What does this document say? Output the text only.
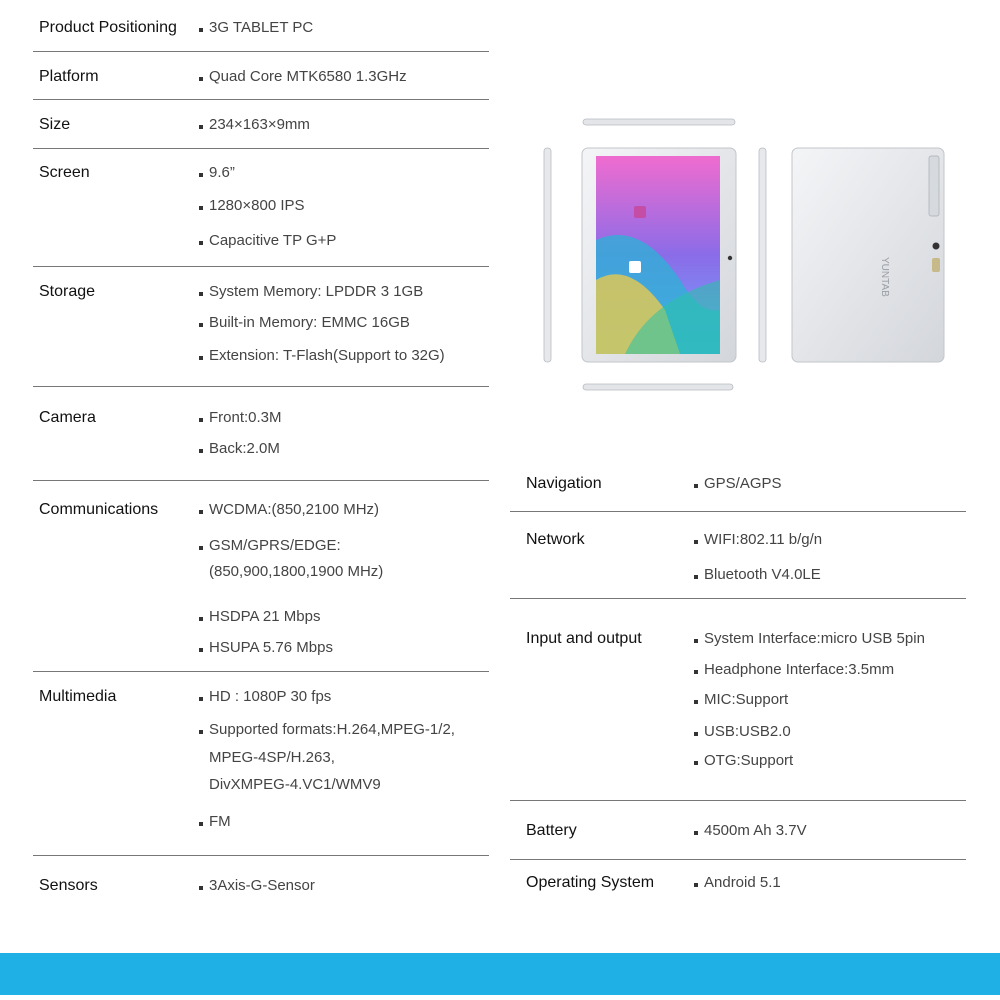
Product Positioning 3G TABLET PC
Platform	Quad Core MTK6580 1.3GHz
Size	234×163×9mm
Screen	9.6”
1280×800 IPS
Capacitive TP G+P
Storage	System Memory: LPDDR 3 1GB
Built-in Memory: EMMC 16GB
Extension: T-Flash(Support to 32G)
Camera	Front:0.3M
Back:2.0M
Communications	WCDMA:(850,2100 MHz)
GSM/GPRS/EDGE:
(850,900,1800,1900 MHz)
HSDPA 21 Mbps
HSUPA 5.76 Mbps
Multimedia	HD : 1080P 30 fps
Supported formats:H.264,MPEG-1/2,
MPEG-4SP/H.263,
DivXMPEG-4.VC1/WMV9
FM
Sensors	3Axis-G-Sensor
YUNTAB
Navigation	GPS/AGPS
Network	WIFI:802.11 b/g/n
Bluetooth V4.0LE
Input and output	System Interface:micro USB 5pin
Headphone Interface:3.5mm
MIC:Support
USB:USB2.0
OTG:Support
Battery	4500m Ah 3.7V
Operating System	Android 5.1
